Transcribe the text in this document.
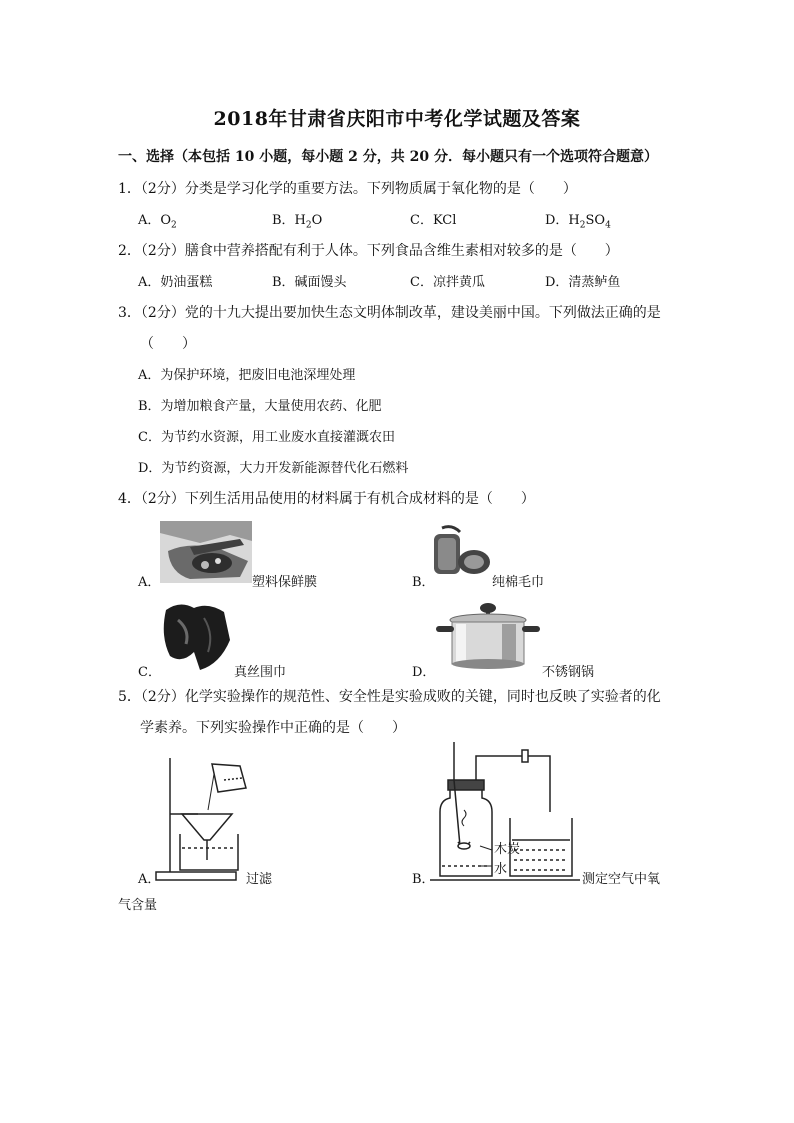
2018年甘肃省庆阳市中考化学试题及答案
一、选择（本包括 10 小题，每小题 2 分，共 20 分．每小题只有一个选项符合题意）
1．（2分）分类是学习化学的重要方法。下列物质属于氧化物的是（　　）
A．$O_2$	B．$H_2O$	C．KCl	D．$H_2SO_4$
2．（2分）膳食中营养搭配有利于人体。下列食品含维生素相对较多的是（　　）
A．奶油蛋糕	B．碱面馒头	C．凉拌黄瓜	D．清蒸鲈鱼
3．（2分）党的十九大提出要加快生态文明体制改革，建设美丽中国。下列做法正确的是
（　　）
A．为保护环境，把废旧电池深埋处理
B．为增加粮食产量，大量使用农药、化肥
C．为节约水资源，用工业废水直接灌溉农田
D．为节约资源，大力开发新能源替代化石燃料
4．（2分）下列生活用品使用的材料属于有机合成材料的是（　　）
A．	塑料保鲜膜	B．	纯棉毛巾
C．	真丝围巾	D．	不锈钢锅
5．（2分）化学实验操作的规范性、安全性是实验成败的关键，同时也反映了实验者的化
学素养。下列实验操作中正确的是（　　）
A．	过滤
木炭
水
B．	测定空气中氧
气含量
